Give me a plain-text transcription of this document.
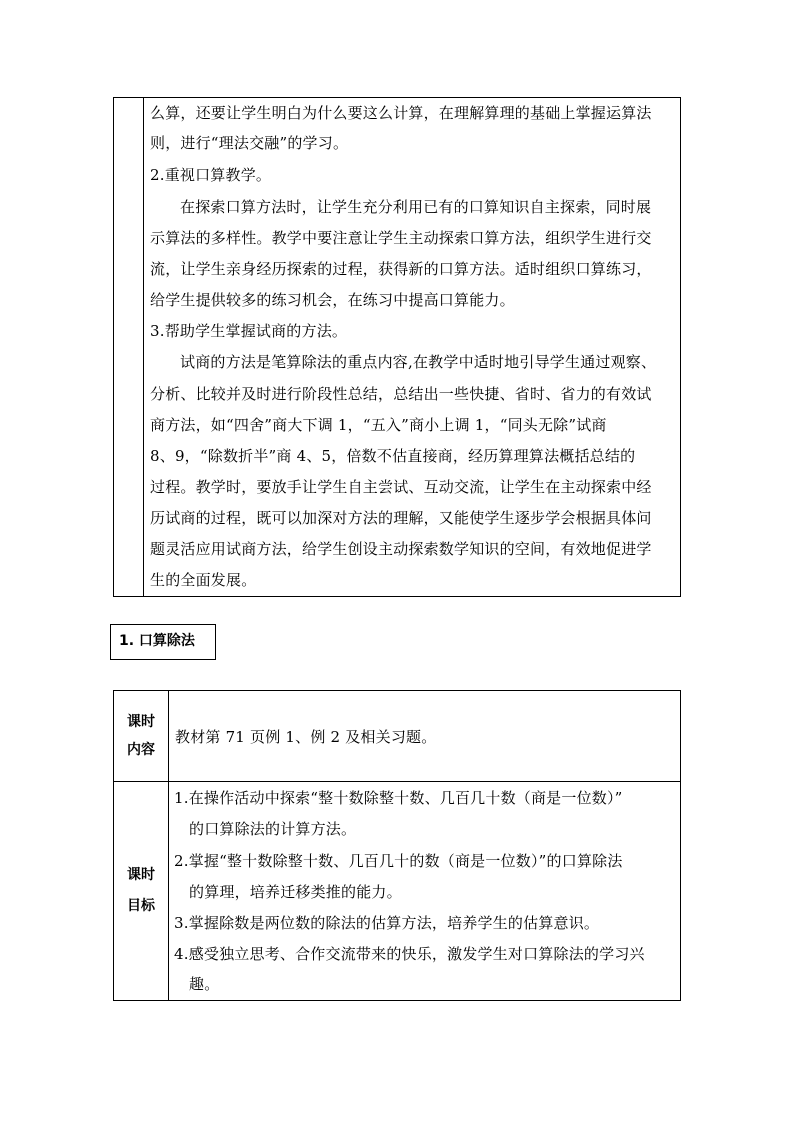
么算，还要让学生明白为什么要这么计算，在理解算理的基础上掌握运算法
则，进行“理法交融”的学习。
2.重视口算教学。
在探索口算方法时，让学生充分利用已有的口算知识自主探索，同时展
示算法的多样性。教学中要注意让学生主动探索口算方法，组织学生进行交
流，让学生亲身经历探索的过程，获得新的口算方法。适时组织口算练习，
给学生提供较多的练习机会，在练习中提高口算能力。
3.帮助学生掌握试商的方法。
试商的方法是笔算除法的重点内容,在教学中适时地引导学生通过观察、
分析、比较并及时进行阶段性总结，总结出一些快捷、省时、省力的有效试
商方法，如“四舍”商大下调 1，“五入”商小上调 1，“同头无除”试商
8、9，“除数折半”商 4、5，倍数不估直接商，经历算理算法概括总结的
过程。教学时，要放手让学生自主尝试、互动交流，让学生在主动探索中经
历试商的过程，既可以加深对方法的理解，又能使学生逐步学会根据具体问
题灵活应用试商方法，给学生创设主动探索数学知识的空间，有效地促进学
生的全面发展。
1. 口算除法
课时
内容
教材第 71 页例 1、例 2 及相关习题。
课时
目标
1.在操作活动中探索“整十数除整十数、几百几十数（商是一位数）”
的口算除法的计算方法。
2.掌握“整十数除整十数、几百几十的数（商是一位数）”的口算除法
的算理，培养迁移类推的能力。
3.掌握除数是两位数的除法的估算方法，培养学生的估算意识。
4.感受独立思考、合作交流带来的快乐，激发学生对口算除法的学习兴
趣。
